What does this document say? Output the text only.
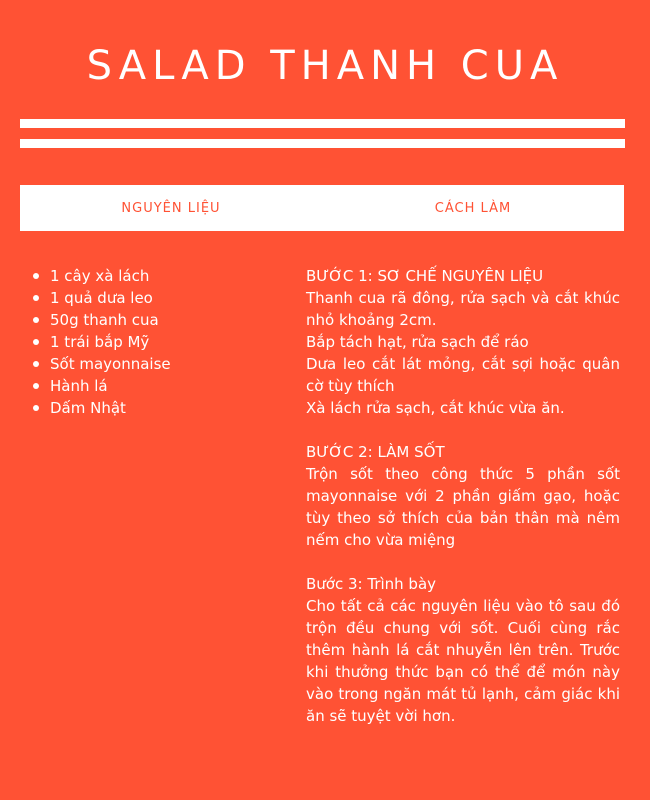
SALAD THANH CUA
NGUYÊN LIỆU	CÁCH LÀM
1 cây xà lách
1 quả dưa leo
50g thanh cua
1 trái bắp Mỹ
Sốt mayonnaise
Hành lá
Dấm Nhật
BƯỚC 1: SƠ CHẾ NGUYÊN LIỆU

Thanh cua rã đông, rửa sạch và cắt khúc nhỏ khoảng 2cm.

Bắp tách hạt, rửa sạch để ráo

Dưa leo cắt lát mỏng, cắt sợi hoặc quân cờ tùy thích

Xà lách rửa sạch, cắt khúc vừa ăn.

BƯỚC 2: LÀM SỐT

Trộn sốt theo công thức 5 phần sốt mayonnaise với 2 phần giấm gạo, hoặc tùy theo sở thích của bản thân mà nêm nếm cho vừa miệng

Bước 3: Trình bày

Cho tất cả các nguyên liệu vào tô sau đó trộn đều chung với sốt. Cuối cùng rắc thêm hành lá cắt nhuyễn lên trên. Trước khi thưởng thức bạn có thể để món này vào trong ngăn mát tủ lạnh, cảm giác khi ăn sẽ tuyệt vời hơn.
